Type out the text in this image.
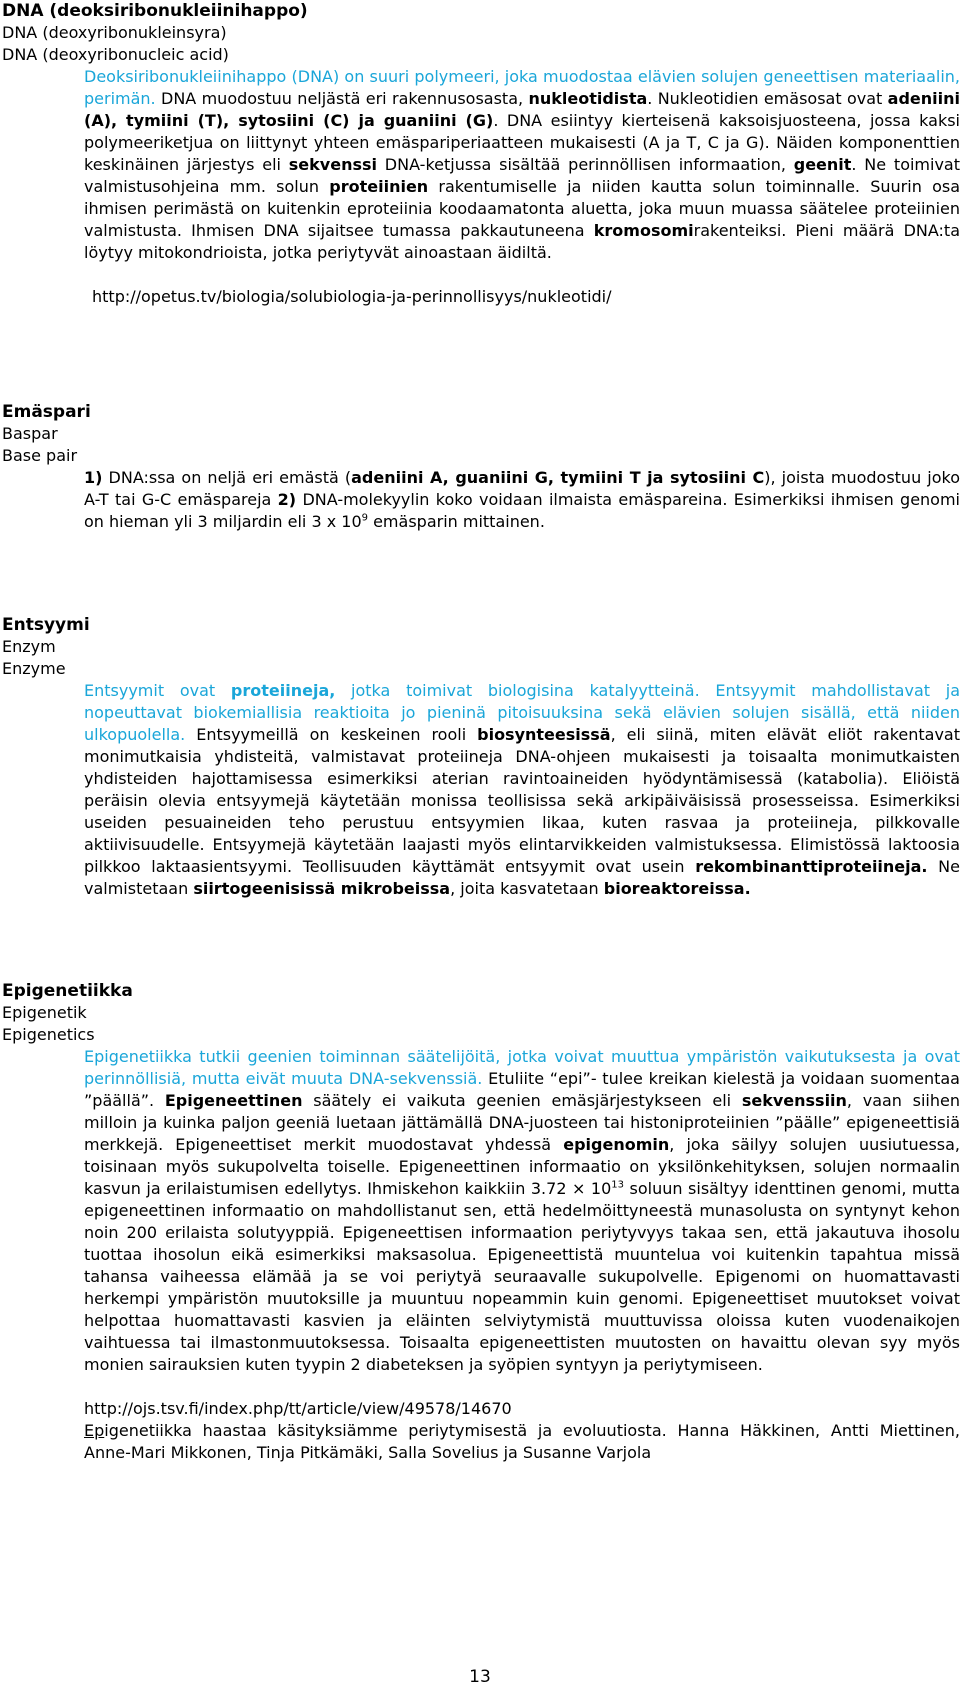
DNA (deoksiribonukleiinihappo)

DNA (deoxyribonukleinsyra)

DNA (deoxyribonucleic acid)

Deoksiribonukleiinihappo (DNA) on suuri polymeeri, joka muodostaa elävien solujen geneettisen materiaalin, perimän. DNA muodostuu neljästä eri rakennusosasta, nukleotidista. Nukleotidien emäsosat ovat adeniini (A), tymiini (T), sytosiini (C) ja guaniini (G). DNA esiintyy kierteisenä kaksoisjuosteena, jossa kaksi polymeeriketjua on liittynyt yhteen emäspariperiaatteen mukaisesti (A ja T, C ja G). Näiden komponenttien keskinäinen järjestys eli sekvenssi DNA-ketjussa sisältää perinnöllisen informaation, geenit. Ne toimivat valmistusohjeina mm. solun proteiinien rakentumiselle ja niiden kautta solun toiminnalle. Suurin osa ihmisen perimästä on kuitenkin eproteiinia koodaamatonta aluetta, joka muun muassa säätelee proteiinien valmistusta. Ihmisen DNA sijaitsee tumassa pakkautuneena kromosomirakenteiksi. Pieni määrä DNA:ta löytyy mitokondrioista, jotka periytyvät ainoastaan äidiltä.

http://opetus.tv/biologia/solubiologia-ja-perinnollisyys/nukleotidi/

Emäspari

Baspar

Base pair

1) DNA:ssa on neljä eri emästä (adeniini A, guaniini G, tymiini T ja sytosiini C), joista muodostuu joko A-T tai G-C emäspareja 2) DNA-molekyylin koko voidaan ilmaista emäspareina. Esimerkiksi ihmisen genomi on hieman yli 3 miljardin eli 3 x $10^9$ emäsparin mittainen.

Entsyymi

Enzym

Enzyme

Entsyymit ovat proteiineja, jotka toimivat biologisina katalyytteinä. Entsyymit mahdollistavat ja nopeuttavat biokemiallisia reaktioita jo pieninä pitoisuuksina sekä elävien solujen sisällä, että niiden ulkopuolella. Entsyymeillä on keskeinen rooli biosynteesissä, eli siinä, miten elävät eliöt rakentavat monimutkaisia yhdisteitä, valmistavat proteiineja DNA-ohjeen mukaisesti ja toisaalta monimutkaisten yhdisteiden hajottamisessa esimerkiksi aterian ravintoaineiden hyödyntämisessä (katabolia). Eliöistä peräisin olevia entsyymejä käytetään monissa teollisissa sekä arkipäiväisissä prosesseissa. Esimerkiksi useiden pesuaineiden teho perustuu entsyymien likaa, kuten rasvaa ja proteiineja, pilkkovalle aktiivisuudelle. Entsyymejä käytetään laajasti myös elintarvikkeiden valmistuksessa. Elimistössä laktoosia pilkkoo laktaasientsyymi. Teollisuuden käyttämät entsyymit ovat usein rekombinanttiproteiineja. Ne valmistetaan siirtogeenisissä mikrobeissa, joita kasvatetaan bioreaktoreissa.

Epigenetiikka

Epigenetik

Epigenetics

Epigenetiikka tutkii geenien toiminnan säätelijöitä, jotka voivat muuttua ympäristön vaikutuksesta ja ovat perinnöllisiä, mutta eivät muuta DNA-sekvenssiä. Etuliite “epi”- tulee kreikan kielestä ja voidaan suomentaa ”päällä”. Epigeneettinen säätely ei vaikuta geenien emäsjärjestykseen eli sekvenssiin, vaan siihen milloin ja kuinka paljon geeniä luetaan jättämällä DNA-juosteen tai histoniproteiinien ”päälle” epigeneettisiä merkkejä. Epigeneettiset merkit muodostavat yhdessä epigenomin, joka säilyy solujen uusiutuessa, toisinaan myös sukupolvelta toiselle. Epigeneettinen informaatio on yksilönkehityksen, solujen normaalin kasvun ja erilaistumisen edellytys. Ihmiskehon kaikkiin $3.72 \times 10^{13}$ soluun sisältyy identtinen genomi, mutta epigeneettinen informaatio on mahdollistanut sen, että hedelmöittyneestä munasolusta on syntynyt kehon noin 200 erilaista solutyyppiä. Epigeneettisen informaation periytyvyys takaa sen, että jakautuva ihosolu tuottaa ihosolun eikä esimerkiksi maksasolua. Epigeneettistä muuntelua voi kuitenkin tapahtua missä tahansa vaiheessa elämää ja se voi periytyä seuraavalle sukupolvelle. Epigenomi on huomattavasti herkempi ympäristön muutoksille ja muuntuu nopeammin kuin genomi. Epigeneettiset muutokset voivat helpottaa huomattavasti kasvien ja eläinten selviytymistä muuttuvissa oloissa kuten vuodenaikojen vaihtuessa tai ilmastonmuutoksessa. Toisaalta epigeneettisten muutosten on havaittu olevan syy myös monien sairauksien kuten tyypin 2 diabeteksen ja syöpien syntyyn ja periytymiseen.

http://ojs.tsv.fi/index.php/tt/article/view/49578/14670

Epigenetiikka haastaa käsityksiämme periytymisestä ja evoluutiosta. Hanna Häkkinen, Antti Miettinen, Anne-Mari Mikkonen, Tinja Pitkämäki, Salla Sovelius ja Susanne Varjola

13
